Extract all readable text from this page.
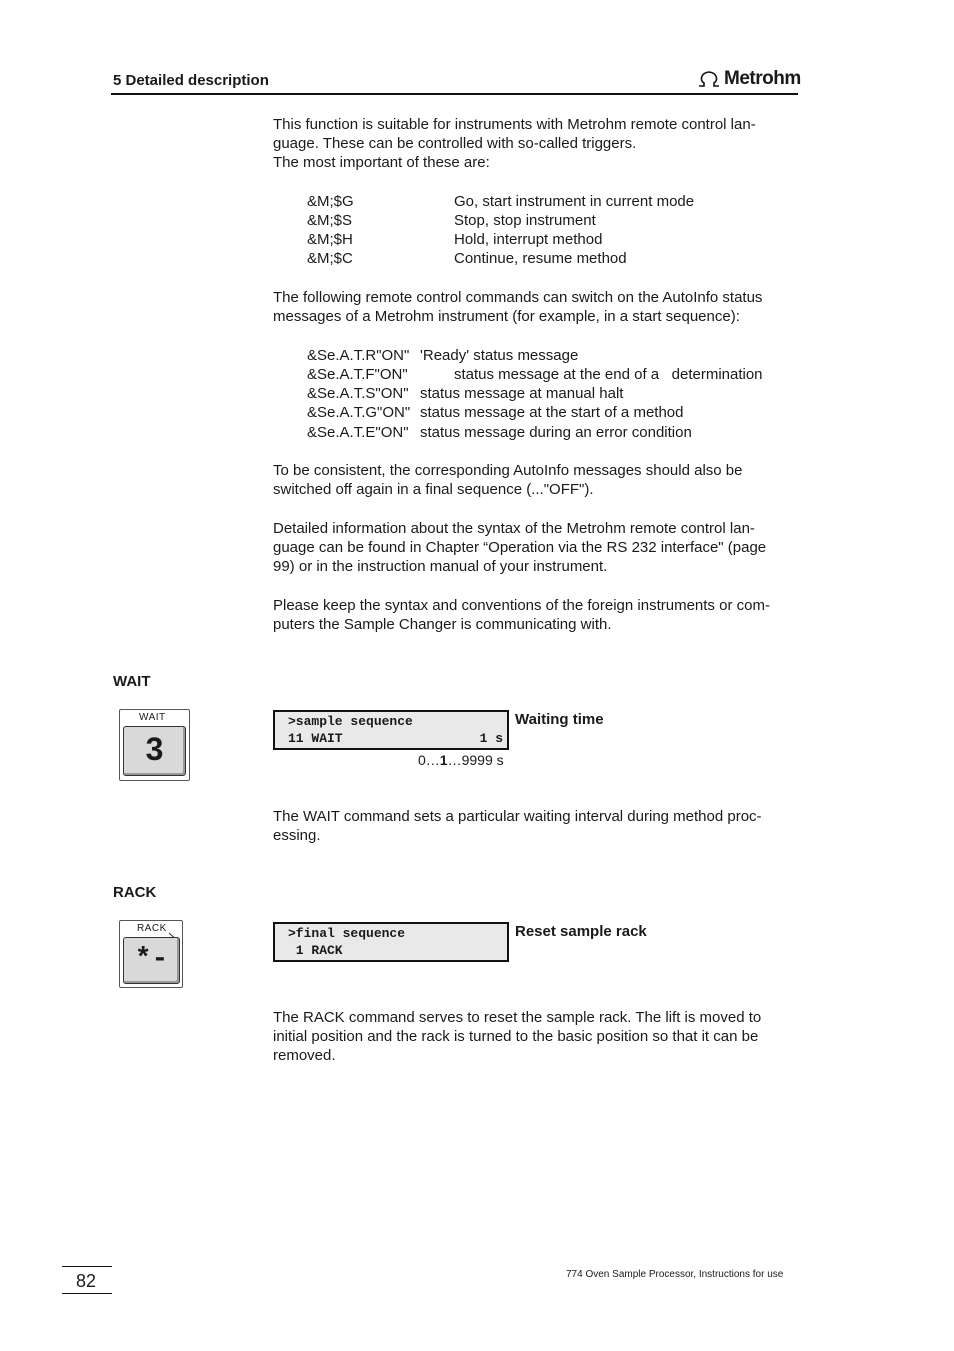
5 Detailed description	Metrohm

This function is suitable for instruments with Metrohm remote control lan-

guage. These can be controlled with so-called triggers.

The most important of these are:

&M;$G	Go, start instrument in current mode
&M;$S	Stop, stop instrument
&M;$H	Hold, interrupt method
&M;$C	Continue, resume method

The following remote control commands can switch on the AutoInfo status

messages of a Metrohm instrument (for example, in a start sequence):

&Se.A.T.R"ON" 'Ready' status message
&Se.A.T.F"ON"	status message at the end of a   determination
&Se.A.T.S"ON" status message at manual halt
&Se.A.T.G"ON" status message at the start of a method
&Se.A.T.E"ON" status message during an error condition

To be consistent, the corresponding AutoInfo messages should also be

switched off again in a final sequence (..."OFF").

Detailed information about the syntax of the Metrohm remote control lan-

guage can be found in Chapter “Operation via the RS 232 interface" (page

99) or in the instruction manual of your instrument.

Please keep the syntax and conventions of the foreign instruments or com-

puters the Sample Changer is communicating with.

WAIT
WAIT
3
>sample sequence
11 WAIT	1 s
Waiting time
0…1…9999 s

The WAIT command sets a particular waiting interval during method proc-

essing.

RACK
RACK
*-
>final sequence
1 RACK
Reset sample rack

The RACK command serves to reset the sample rack. The lift is moved to

initial position and the rack is turned to the basic position so that it can be

removed.

82	774 Oven Sample Processor, Instructions for use
